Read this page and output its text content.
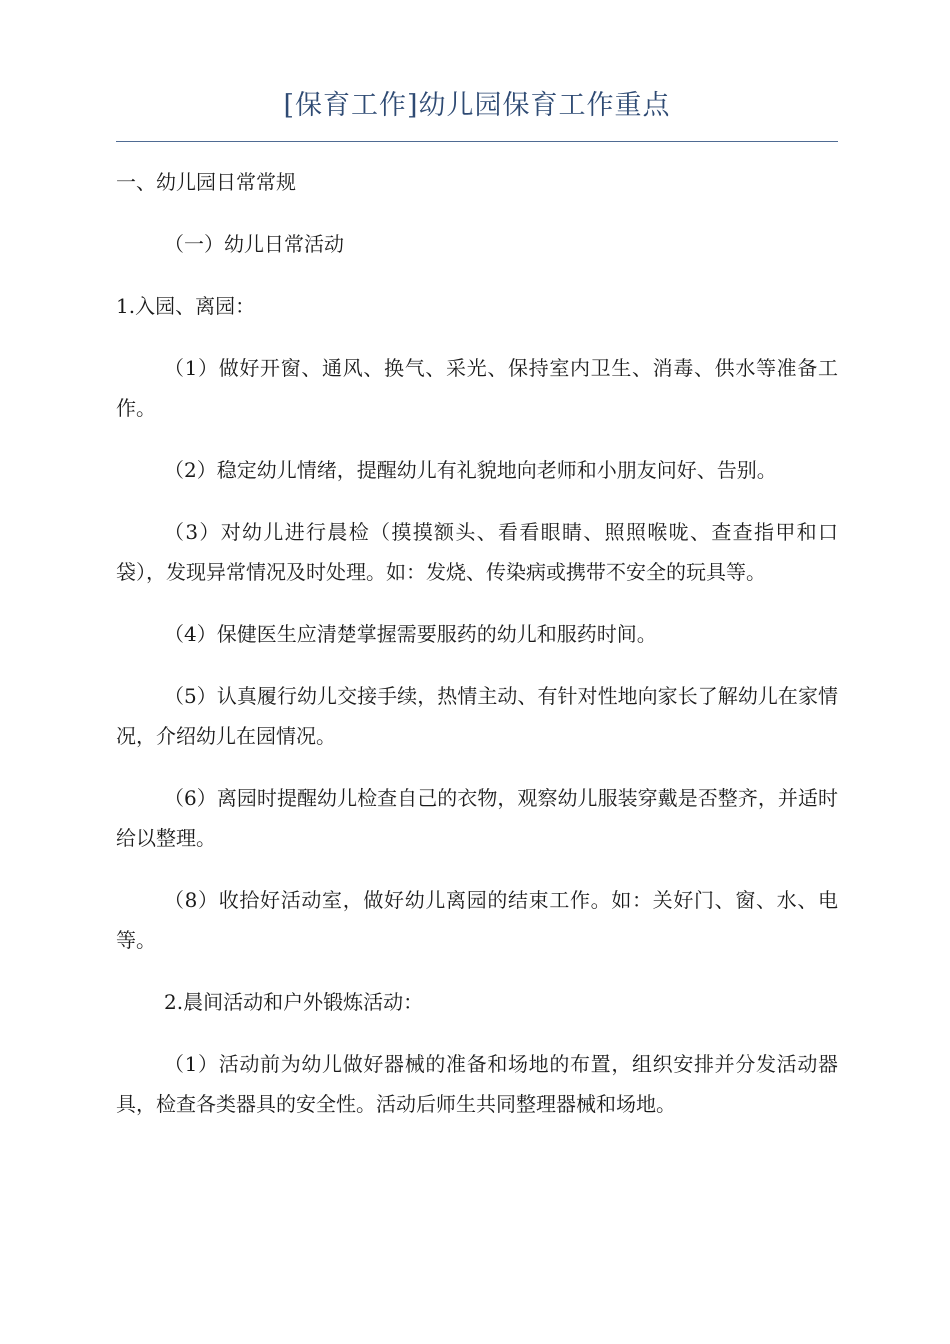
[保育工作]幼儿园保育工作重点

一、幼儿园日常常规

（一）幼儿日常活动

1.入园、离园：

（1）做好开窗、通风、换气、采光、保持室内卫生、消毒、供水等准备工作。

（2）稳定幼儿情绪，提醒幼儿有礼貌地向老师和小朋友问好、告别。

（3）对幼儿进行晨检（摸摸额头、看看眼睛、照照喉咙、查查指甲和口袋），发现异常情况及时处理。如：发烧、传染病或携带不安全的玩具等。

（4）保健医生应清楚掌握需要服药的幼儿和服药时间。

（5）认真履行幼儿交接手续，热情主动、有针对性地向家长了解幼儿在家情况，介绍幼儿在园情况。

（6）离园时提醒幼儿检查自己的衣物，观察幼儿服装穿戴是否整齐，并适时给以整理。

（8）收拾好活动室，做好幼儿离园的结束工作。如：关好门、窗、水、电等。

2.晨间活动和户外锻炼活动：

（1）活动前为幼儿做好器械的准备和场地的布置，组织安排并分发活动器具，检查各类器具的安全性。活动后师生共同整理器械和场地。
